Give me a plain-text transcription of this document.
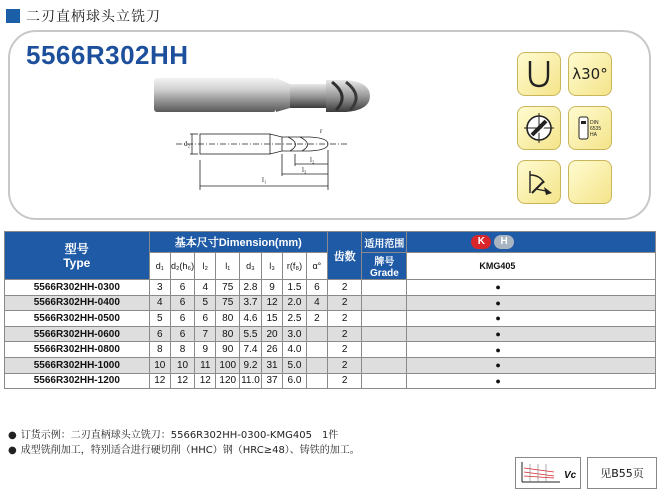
二刃直柄球头立铣刀
5566R302HH
d₂
l₁
l₃
l₂
r
λ30°
DIN
6535
HA
型号
Type	基本尺寸Dimension(mm)								齿数	适用范围	K H
	d₁	d₂(h₆)	l₂	l₁	d₃	l₃	r(f₈)	α°		牌号Grade	KMG405
5566R302HH-0300	3	6	4	75	2.8	9	1.5	6	2		●
5566R302HH-0400	4	6	5	75	3.7	12	2.0	4	2		●
5566R302HH-0500	5	6	6	80	4.6	15	2.5	2	2		●
5566R302HH-0600	6	6	7	80	5.5	20	3.0		2		●
5566R302HH-0800	8	8	9	90	7.4	26	4.0		2		●
5566R302HH-1000	10	10	11	100	9.2	31	5.0		2		●
5566R302HH-1200	12	12	12	120	11.0	37	6.0		2		●
● 订货示例：二刃直柄球头立铣刀：5566R302HH-0300-KMG405　1件
● 成型铣削加工，特别适合进行硬切削（HHC）钢（HRC≥48）、铸铁的加工。
Vc	见B55页
